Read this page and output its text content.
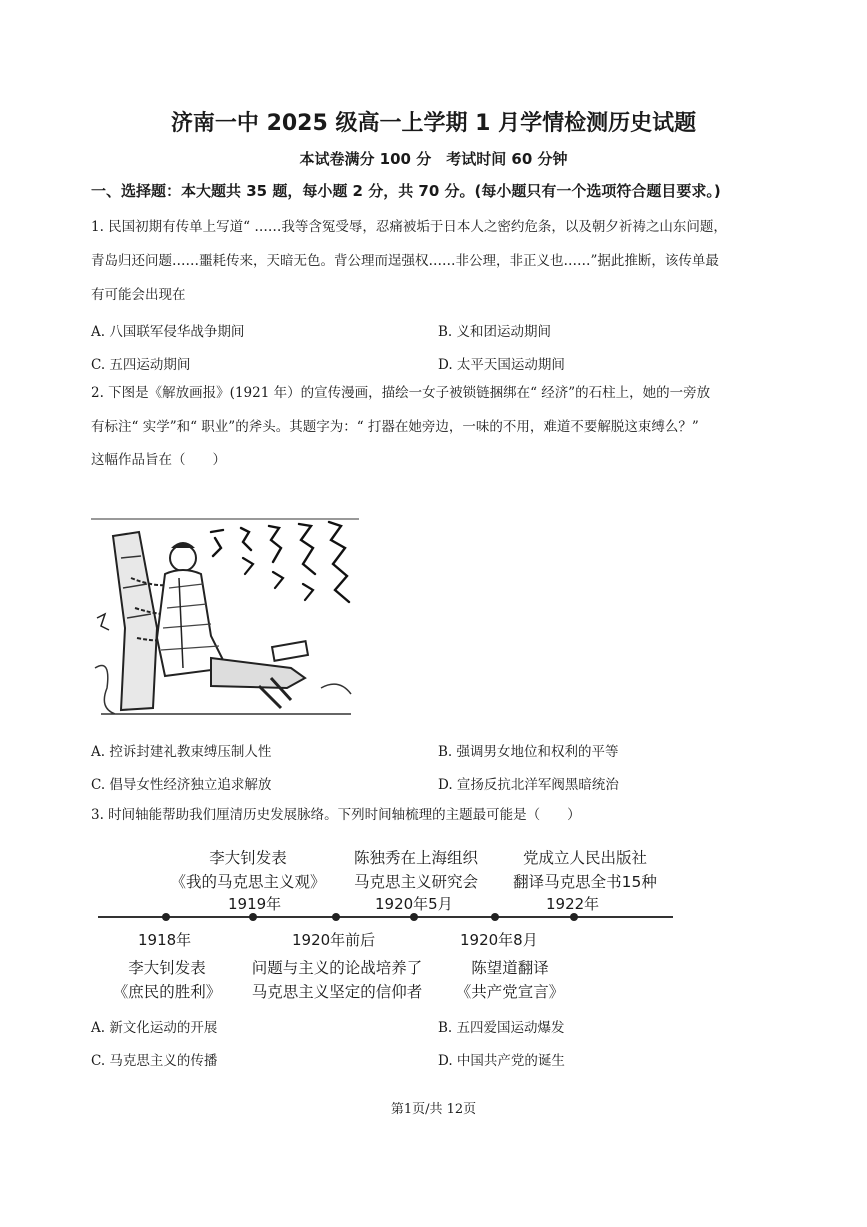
济南一中 2025 级高一上学期 1 月学情检测历史试题
本试卷满分 100 分　考试时间 60 分钟
一、选择题：本大题共 35 题，每小题 2 分，共 70 分。(每小题只有一个选项符合题目要求。)
1. 民国初期有传单上写道“ ……我等含冤受辱，忍痛被垢于日本人之密约危条，以及朝夕祈祷之山东问题，
青岛归还问题……噩耗传来，天暗无色。背公理而逞强权……非公理，非正义也……”据此推断，该传单最
有可能会出现在
A. 八国联军侵华战争期间	B. 义和团运动期间
C. 五四运动期间	D. 太平天国运动期间
2. 下图是《解放画报》(1921 年）的宣传漫画，描绘一女子被锁链捆绑在“ 经济”的石柱上，她的一旁放
有标注“ 实学”和“ 职业”的斧头。其题字为：“ 打器在她旁边，一味的不用，难道不要解脱这束缚么？”
这幅作品旨在（　　）
A. 控诉封建礼教束缚压制人性	B. 强调男女地位和权利的平等
C. 倡导女性经济独立追求解放	D. 宣扬反抗北洋军阀黑暗统治
3. 时间轴能帮助我们厘清历史发展脉络。下列时间轴梳理的主题最可能是（　　）
李大钊发表
《我的马克思主义观》
1919年
陈独秀在上海组织
马克思主义研究会
1920年5月
党成立人民出版社
翻译马克思全书15种
1922年
1918年
李大钊发表
《庶民的胜利》
1920年前后
问题与主义的论战培养了
马克思主义坚定的信仰者
1920年8月
陈望道翻译
《共产党宣言》
A. 新文化运动的开展	B. 五四爱国运动爆发
C. 马克思主义的传播	D. 中国共产党的诞生
第1页/共 12页
